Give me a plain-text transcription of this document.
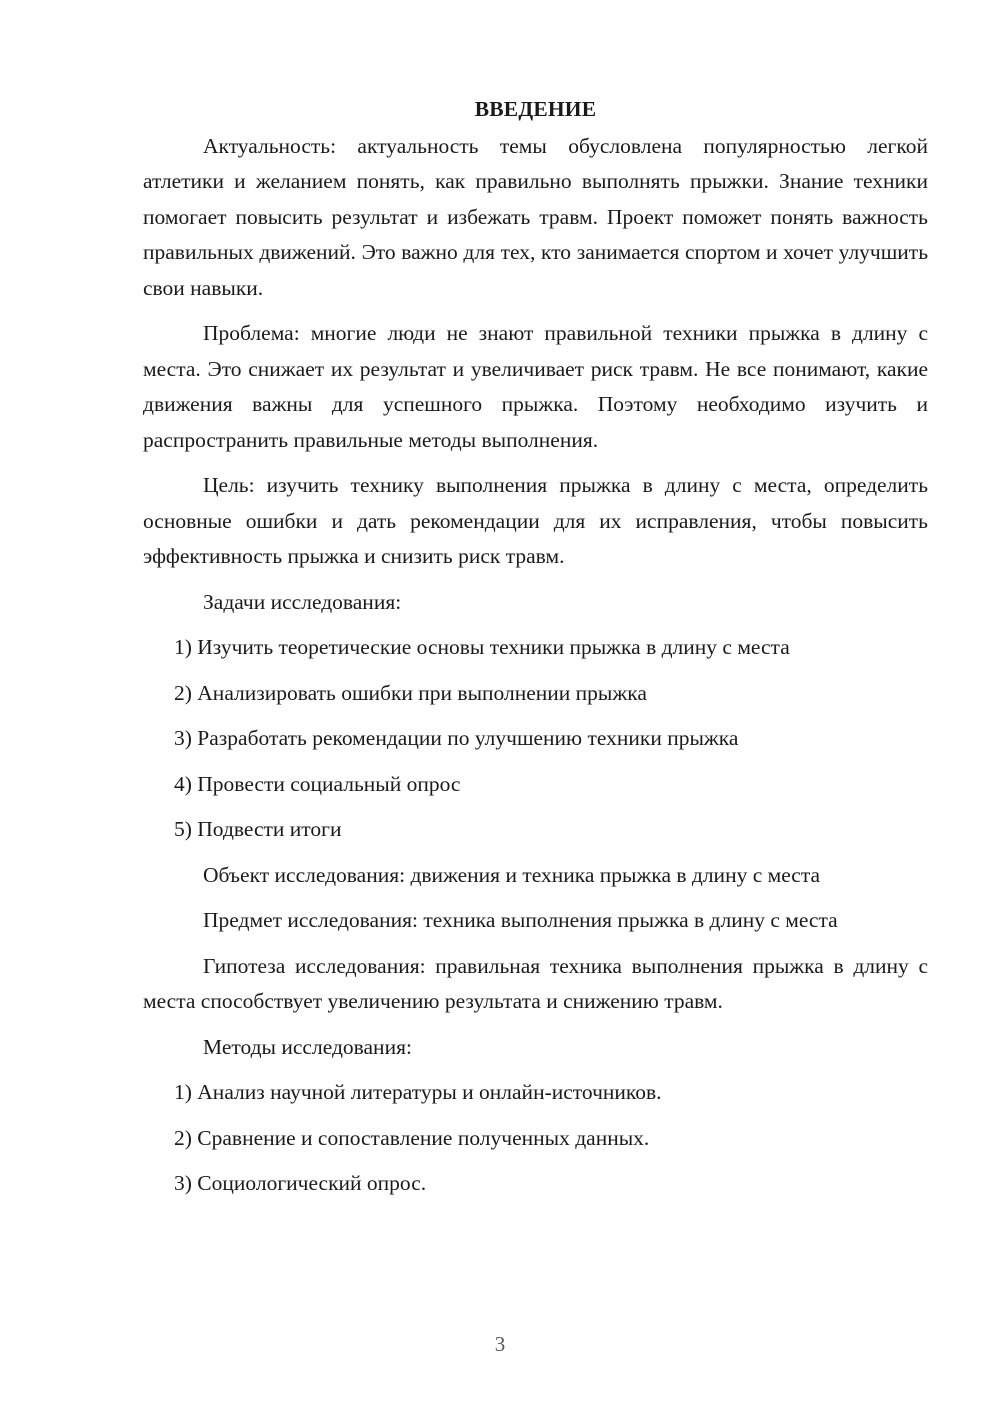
ВВЕДЕНИЕ

Актуальность: актуальность темы обусловлена популярностью легкой атлетики и желанием понять, как правильно выполнять прыжки. Знание техники помогает повысить результат и избежать травм. Проект поможет понять важность правильных движений. Это важно для тех, кто занимается спортом и хочет улучшить свои навыки.

Проблема: многие люди не знают правильной техники прыжка в длину с места. Это снижает их результат и увеличивает риск травм. Не все понимают, какие движения важны для успешного прыжка. Поэтому необходимо изучить и распространить правильные методы выполнения.

Цель: изучить технику выполнения прыжка в длину с места, определить основные ошибки и дать рекомендации для их исправления, чтобы повысить эффективность прыжка и снизить риск травм.

Задачи исследования:

1) Изучить теоретические основы техники прыжка в длину с места

2) Анализировать ошибки при выполнении прыжка

3) Разработать рекомендации по улучшению техники прыжка

4) Провести социальный опрос

5) Подвести итоги

Объект исследования: движения и техника прыжка в длину с места

Предмет исследования: техника выполнения прыжка в длину с места

Гипотеза исследования: правильная техника выполнения прыжка в длину с места способствует увеличению результата и снижению травм.

Методы исследования:

1) Анализ научной литературы и онлайн-источников.

2) Сравнение и сопоставление полученных данных.

3) Социологический опрос.

3
